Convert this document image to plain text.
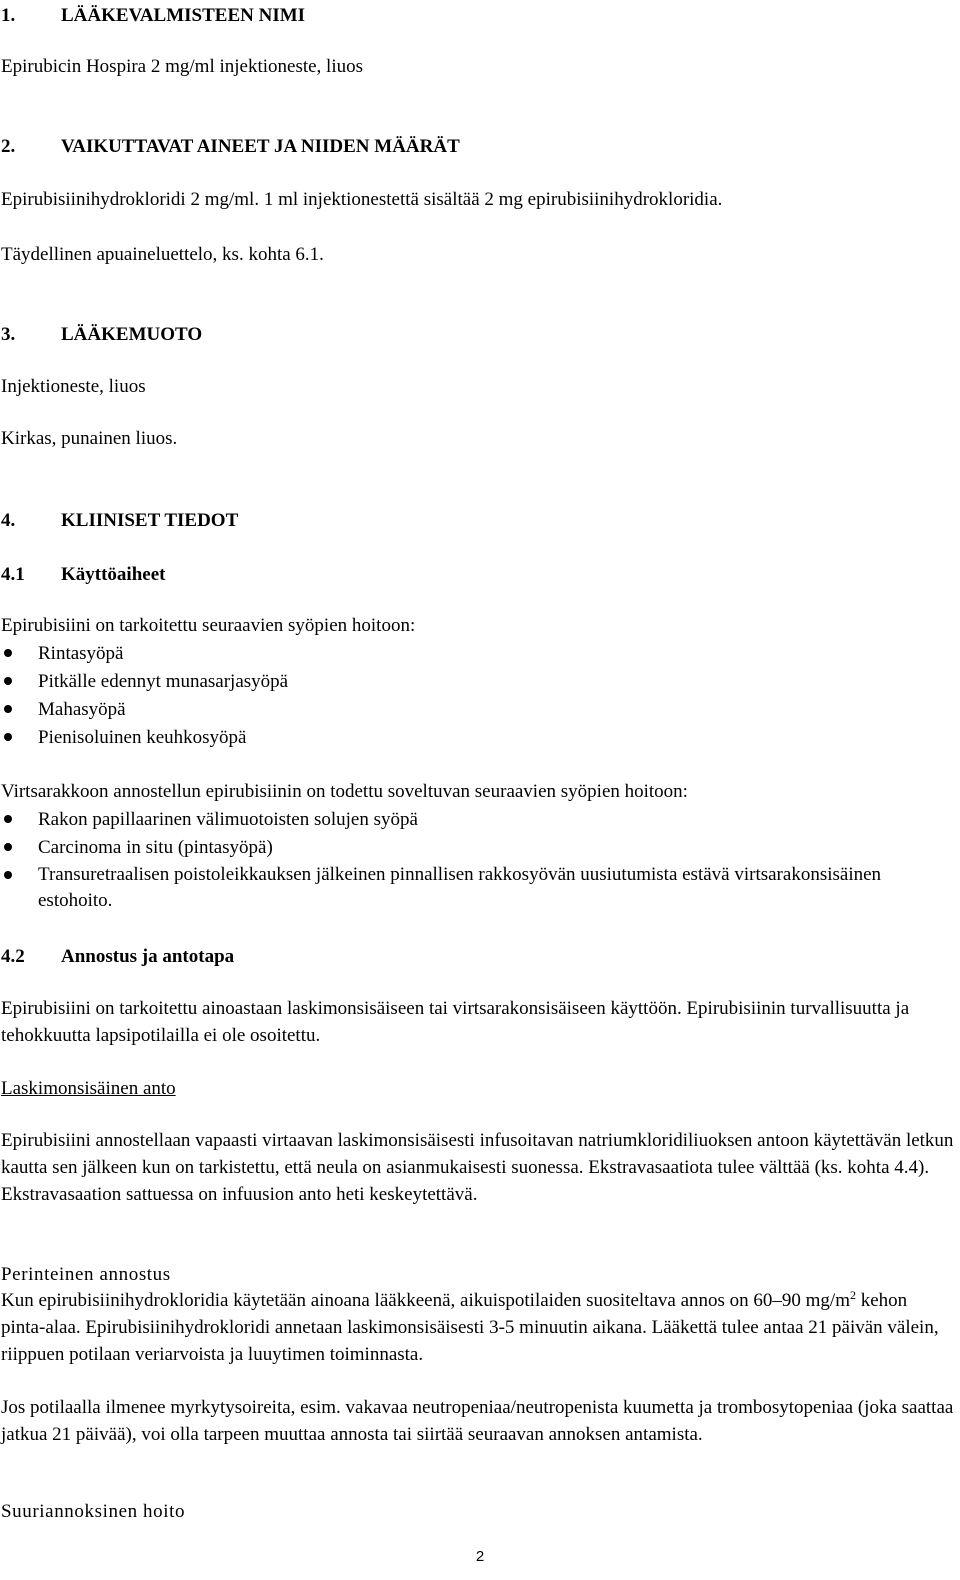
1. LÄÄKEVALMISTEEN NIMI
Epirubicin Hospira 2 mg/ml injektioneste, liuos
2. VAIKUTTAVAT AINEET JA NIIDEN MÄÄRÄT
Epirubisiinihydrokloridi 2 mg/ml. 1 ml injektionestettä sisältää 2 mg epirubisiinihydrokloridia.
Täydellinen apuaineluettelo, ks. kohta 6.1.
3. LÄÄKEMUOTO
Injektioneste, liuos
Kirkas, punainen liuos.
4. KLIINISET TIEDOT
4.1 Käyttöaiheet
Epirubisiini on tarkoitettu seuraavien syöpien hoitoon:
Rintasyöpä
Pitkälle edennyt munasarjasyöpä
Mahasyöpä
Pienisoluinen keuhkosyöpä
Virtsarakkoon annostellun epirubisiinin on todettu soveltuvan seuraavien syöpien hoitoon:
Rakon papillaarinen välimuotoisten solujen syöpä
Carcinoma in situ (pintasyöpä)
Transuretraalisen poistoleikkauksen jälkeinen pinnallisen rakkosyövän uusiutumista estävä virtsarakonsisäinen estohoito.
4.2 Annostus ja antotapa
Epirubisiini on tarkoitettu ainoastaan laskimonsisäiseen tai virtsarakonsisäiseen käyttöön. Epirubisiinin turvallisuutta ja tehokkuutta lapsipotilailla ei ole osoitettu.
Laskimonsisäinen anto
Epirubisiini annostellaan vapaasti virtaavan laskimonsisäisesti infusoitavan natriumkloridiliuoksen antoon käytettävän letkun kautta sen jälkeen kun on tarkistettu, että neula on asianmukaisesti suonessa. Ekstravasaatiota tulee välttää (ks. kohta 4.4). Ekstravasaation sattuessa on infuusion anto heti keskeytettävä.
Perinteinen annostus
Kun epirubisiinihydrokloridia käytetään ainoana lääkkeenä, aikuispotilaiden suositeltava annos on 60–90 $mg/m^2$ kehon pinta-alaa. Epirubisiinihydrokloridi annetaan laskimonsisäisesti 3-5 minuutin aikana. Lääkettä tulee antaa 21 päivän välein, riippuen potilaan veriarvoista ja luuytimen toiminnasta.
Jos potilaalla ilmenee myrkytysoireita, esim. vakavaa neutropeniaa/neutropenista kuumetta ja trombosytopeniaa (joka saattaa jatkua 21 päivää), voi olla tarpeen muuttaa annosta tai siirtää seuraavan annoksen antamista.
Suuriannoksinen hoito
2
